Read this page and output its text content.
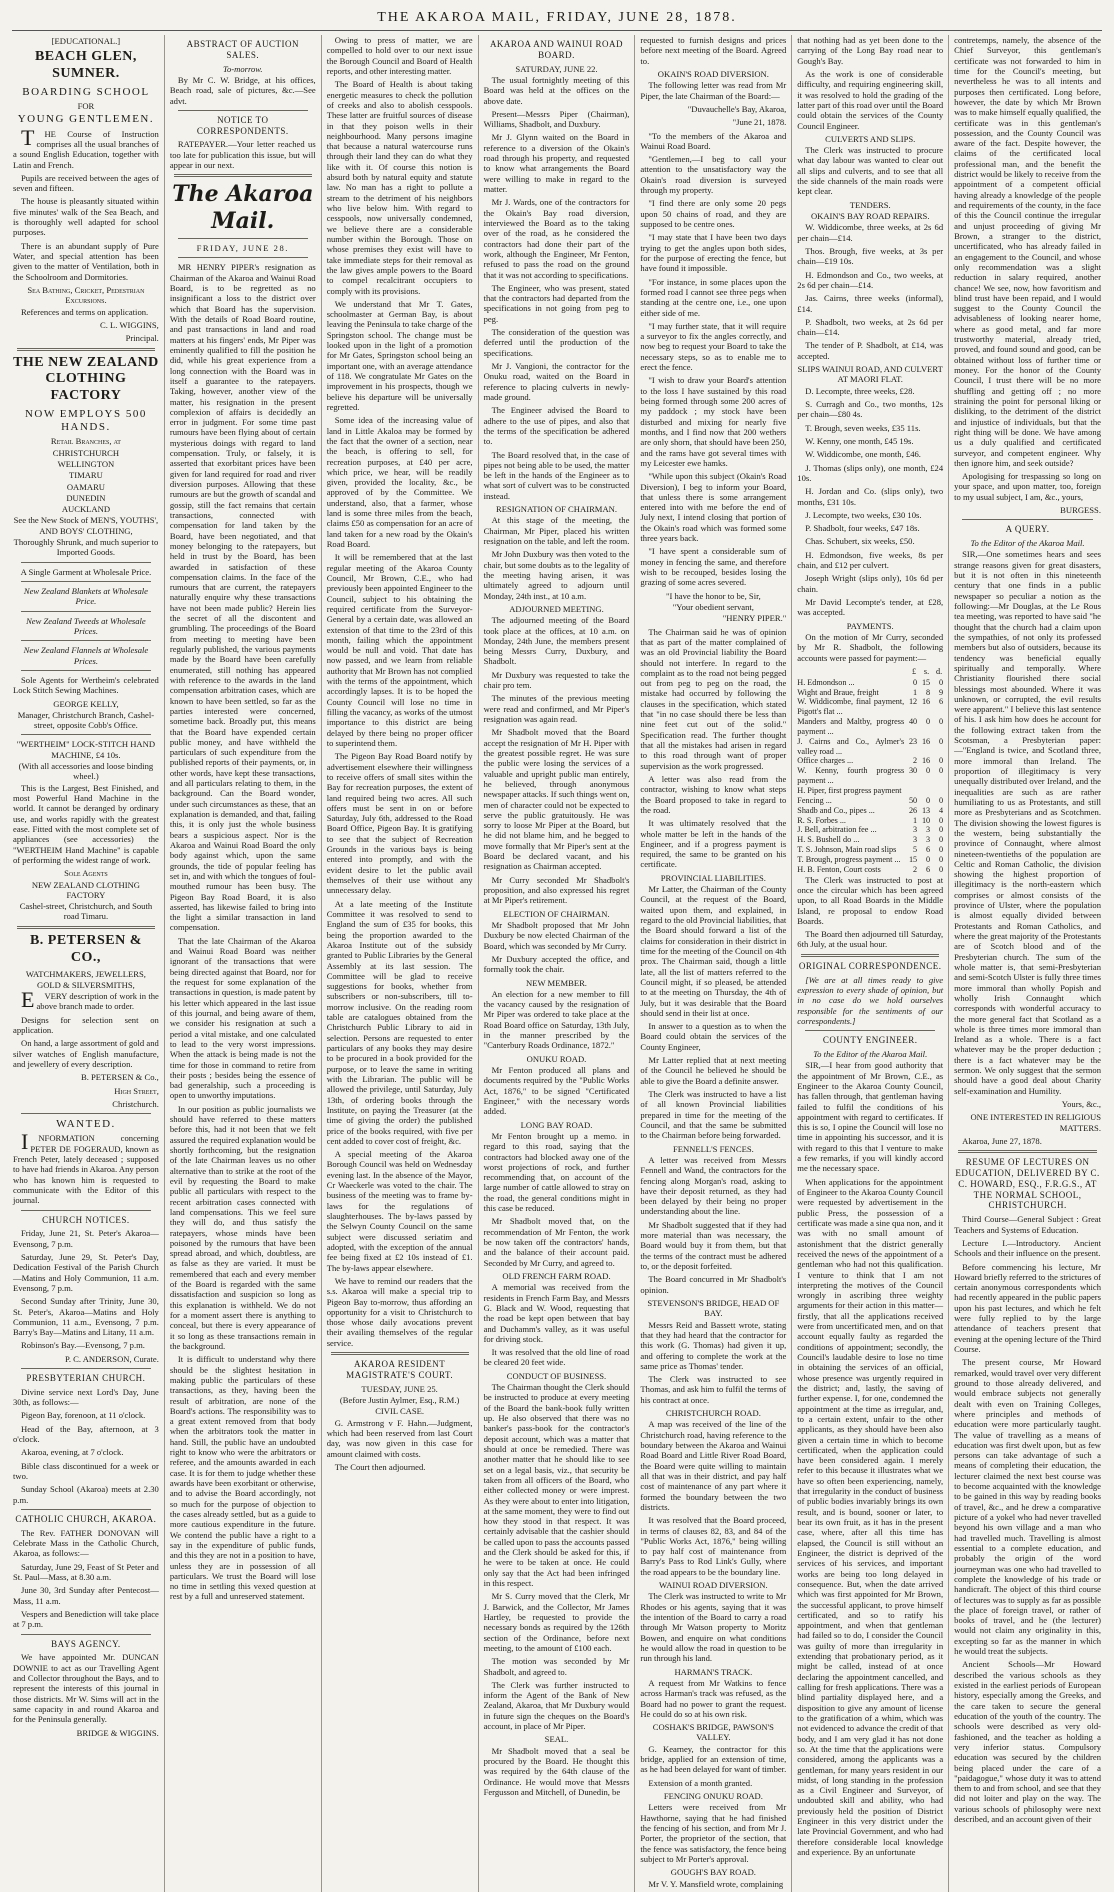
THE AKAROA MAIL, FRIDAY, JUNE 28, 1878.

[EDUCATIONAL.]

BEACH GLEN, SUMNER.

BOARDING SCHOOL

FOR

YOUNG GENTLEMEN.

THE Course of Instruction comprises all the usual branches of a sound English Education, together with Latin and French.

Pupils are received between the ages of seven and fifteen.

The house is pleasantly situated within five minutes' walk of the Sea Beach, and is thoroughly well adapted for school purposes.

There is an abundant supply of Pure Water, and special attention has been given to the matter of Ventilation, both in the Schoolroom and Dormitories.

Sea Bathing, Cricket, Pedestrian Excursions.

References and terms on application.

C. L. WIGGINS,

Principal.

THE NEW ZEALAND CLOTHING FACTORY

NOW EMPLOYS 500 HANDS.

Retail Branches, at

CHRISTCHURCH

WELLINGTON

TIMARU

OAMARU

DUNEDIN

AUCKLAND

See the New Stock of MEN'S, YOUTHS', AND BOYS' CLOTHING,

Thoroughly Shrunk, and much superior to Imported Goods.

A Single Garment at Wholesale Price.

New Zealand Blankets at Wholesale Price.

New Zealand Tweeds at Wholesale Prices.

New Zealand Flannels at Wholesale Prices.

Sole Agents for Wertheim's celebrated Lock Stitch Sewing Machines.

GEORGE KELLY,

Manager, Christchurch Branch, Cashel-street, opposite Cobb's Office.

"WERTHEIM" LOCK-STITCH HAND MACHINE, £4 10s.

(With all accessories and loose binding wheel.)

This is the Largest, Best Finished, and most Powerful Hand Machine in the world. It cannot be deranged by ordinary use, and works rapidly with the greatest ease. Fitted with the most complete set of appliances (see accessories) the "WERTHEIM Hand Machine" is capable of performing the widest range of work.

Sole Agents

NEW ZEALAND CLOTHING FACTORY

Cashel-street, Christchurch, and South road Timaru.

B. PETERSEN & CO.,

WATCHMAKERS, JEWELLERS, GOLD & SILVERSMITHS,

EVERY description of work in the above branch made to order.

Designs for selection sent on application.

On hand, a large assortment of gold and silver watches of English manufacture, and jewellery of every description.

B. PETERSEN & Co.,

High Street,

Christchurch.

WANTED.

INFORMATION concerning PETER DE FOGERAUD, known as French Peter, lately deceased ; supposed to have had friends in Akaroa. Any person who has known him is requested to communicate with the Editor of this journal.

CHURCH NOTICES.

Friday, June 21, St. Peter's Akaroa—Evensong, 7 p.m.

Saturday, June 29, St. Peter's Day, Dedication Festival of the Parish Church—Matins and Holy Communion, 11 a.m. Evensong, 7 p.m.

Second Sunday after Trinity, June 30, St. Peter's, Akaroa—Matins and Holy Communion, 11 a.m., Evensong, 7 p.m. Barry's Bay—Matins and Litany, 11 a.m.

Robinson's Bay.—Evensong, 7 p.m.

P. C. ANDERSON, Curate.

PRESBYTERIAN CHURCH.

Divine service next Lord's Day, June 30th, as follows:—

Pigeon Bay, forenoon, at 11 o'clock.

Head of the Bay, afternoon, at 3 o'clock.

Akaroa, evening, at 7 o'clock.

Bible class discontinued for a week or two.

Sunday School (Akaroa) meets at 2.30 p.m.

CATHOLIC CHURCH, AKAROA.

The Rev. FATHER DONOVAN will Celebrate Mass in the Catholic Church, Akaroa, as follows:—

Saturday, June 29, Feast of St Peter and St. Paul—Mass, at 8.30 a.m.

June 30, 3rd Sunday after Pentecost—Mass, 11 a.m.

Vespers and Benediction will take place at 7 p.m.

BAYS AGENCY.

We have appointed Mr. DUNCAN DOWNIE to act as our Travelling Agent and Collector throughout the Bays, and to represent the interests of this journal in those districts. Mr W. Sims will act in the same capacity in and round Akaroa and for the Peninsula generally.

BRIDGE & WIGGINS.

ABSTRACT OF AUCTION SALES.

To-morrow.

By Mr C. W. Bridge, at his offices, Beach road, sale of pictures, &c.—See advt.

NOTICE TO CORRESPONDENTS.

RATEPAYER.—Your letter reached us too late for publication this issue, but will appear in our next.

The Akaroa Mail.

FRIDAY, JUNE 28.

MR HENRY PIPER's resignation as Chairman of the Akaroa and Wainui Road Board, is to be regretted as no insignificant a loss to the district over which that Board has the supervision. With the details of Road Board routine, and past transactions in land and road matters at his fingers' ends, Mr Piper was eminently qualified to fill the position he did, while his great experience from a long connection with the Board was in itself a guarantee to the ratepayers. Taking, however, another view of the matter, his resignation in the present complexion of affairs is decidedly an error in judgment. For some time past rumours have been flying about of certain mysterious doings with regard to land compensation. Truly, or falsely, it is asserted that exorbitant prices have been given for land required for road and river diversion purposes. Allowing that these rumours are but the growth of scandal and gossip, still the fact remains that certain transactions, connected with compensation for land taken by the Board, have been negotiated, and that money belonging to the ratepayers, but held in trust by the Board, has been awarded in satisfaction of these compensation claims. In the face of the rumours that are current, the ratepayers naturally enquire why these transactions have not been made public? Herein lies the secret of all the discontent and grumbling. The proceedings of the Board from meeting to meeting have been regularly published, the various payments made by the Board have been carefully enumerated, still nothing has appeared with reference to the awards in the land compensation arbitration cases, which are known to have been settled, so far as the parties interested were concerned, sometime back. Broadly put, this means that the Board have expended certain public money, and have withheld the particulars of such expenditure from the published reports of their payments, or, in other words, have kept these transactions, and all particulars relating to them, in the background. Can the Board wonder, under such circumstances as these, that an explanation is demanded, and that, failing this, it is only just the whole business bears a suspicious aspect. Nor is the Akaroa and Wainui Road Board the only body against which, upon the same grounds, the tide of popular feeling has set in, and with which the tongues of foul-mouthed rumour has been busy. The Pigeon Bay Road Board, it is also asserted, has likewise failed to bring into the light a similar transaction in land compensation.

That the late Chairman of the Akaroa and Wainui Road Board was neither ignorant of the transactions that were being directed against that Board, nor for the request for some explanation of the transactions in question, is made patent by his letter which appeared in the last issue of this journal, and being aware of them, we consider his resignation at such a period a vital mistake, and one calculated to lead to the very worst impressions. When the attack is being made is not the time for those in command to retire from their posts ; besides being the essence of bad generalship, such a proceeding is open to unworthy imputations.

In our position as public journalists we should have referred to these matters before this, had it not been that we felt assured the required explanation would be shortly forthcoming, but the resignation of the late Chairman leaves us no other alternative than to strike at the root of the evil by requesting the Board to make public all particulars with respect to the recent arbitration cases connected with land compensations. This we feel sure they will do, and thus satisfy the ratepayers, whose minds have been poisoned by the rumours that have been spread abroad, and which, doubtless, are as false as they are varied. It must be remembered that each and every member of the Board is regarded with the same dissatisfaction and suspicion so long as this explanation is withheld. We do not for a moment assert there is anything to conceal, but there is every appearance of it so long as these transactions remain in the background.

It is difficult to understand why there should be the slightest hesitation in making public the particulars of these transactions, as they, having been the result of arbitration, are none of the Board's actions. The responsibility was to a great extent removed from that body when the arbitrators took the matter in hand. Still, the public have an undoubted right to know who were the arbitrators or referee, and the amounts awarded in each case. It is for them to judge whether these awards have been exorbitant or otherwise, and to advise the Board accordingly, not so much for the purpose of objection to the cases already settled, but as a guide to more cautious expenditure in the future. We contend the public have a right to a say in the expenditure of public funds, and this they are not in a position to have, unless they are in possession of all particulars. We trust the Board will lose no time in settling this vexed question at rest by a full and unreserved statement.

Owing to press of matter, we are compelled to hold over to our next issue the Borough Council and Board of Health reports, and other interesting matter.

The Board of Health is about taking energetic measures to check the pollution of creeks and also to abolish cesspools. These latter are fruitful sources of disease in that they poison wells in their neighbourhood. Many persons imagine that because a natural watercourse runs through their land they can do what they like with it. Of course this notion is absurd both by natural equity and statute law. No man has a right to pollute a stream to the detriment of his neighbors who live below him. With regard to cesspools, now universally condemned, we believe there are a considerable number within the Borough. Those on whose premises they exist will have to take immediate steps for their removal as the law gives ample powers to the Board to compel recalcitrant occupiers to comply with its provisions.

We understand that Mr T. Gates, schoolmaster at German Bay, is about leaving the Peninsula to take charge of the Springston school. The change must be looked upon in the light of a promotion for Mr Gates, Springston school being an important one, with an average attendance of 118. We congratulate Mr Gates on the improvement in his prospects, though we believe his departure will be universally regretted.

Some idea of the increasing value of land in Little Akaloa may be formed by the fact that the owner of a section, near the beach, is offering to sell, for recreation purposes, at £40 per acre, which price, we hear, will be readily given, provided the locality, &c., be approved of by the Committee. We understand, also, that a farmer, whose land is some three miles from the beach, claims £50 as compensation for an acre of land taken for a new road by the Okain's Road Board.

It will be remembered that at the last regular meeting of the Akaroa County Council, Mr Brown, C.E., who had previously been appointed Engineer to the Council, subject to his obtaining the required certificate from the Surveyor-General by a certain date, was allowed an extension of that time to the 23rd of this month, failing which the appointment would be null and void. That date has now passed, and we learn from reliable authority that Mr Brown has not complied with the terms of the appointment, which accordingly lapses. It is to be hoped the County Council will lose no time in filling the vacancy, as works of the utmost importance to this district are being delayed by there being no proper officer to superintend them.

The Pigeon Bay Road Board notify by advertisement elsewhere their willingness to receive offers of small sites within the Bay for recreation purposes, the extent of land required being two acres. All such offers must be sent in on or before Saturday, July 6th, addressed to the Road Board Office, Pigeon Bay. It is gratifying to see that the subject of Recreation Grounds in the various bays is being entered into promptly, and with the evident desire to let the public avail themselves of their use without any unnecessary delay.

At a late meeting of the Institute Committee it was resolved to send to England the sum of £35 for books, this being the proportion awarded to the Akaroa Institute out of the subsidy granted to Public Libraries by the General Assembly at its last session. The Committee will be glad to receive suggestions for books, whether from subscribers or non-subscribers, till to-morrow inclusive. On the reading room table are catalogues obtained from the Christchurch Public Library to aid in selection. Persons are requested to enter particulars of any books they may desire to be procured in a book provided for the purpose, or to leave the same in writing with the Librarian. The public will be allowed the privilege, until Saturday, July 13th, of ordering books through the Institute, on paying the Treasurer (at the time of giving the order) the published price of the books required, with five per cent added to cover cost of freight, &c.

A special meeting of the Akaroa Borough Council was held on Wednesday evening last. In the absence of the Mayor, Cr Waeckerle was voted to the chair. The business of the meeting was to frame by-laws for the regulations of slaughterhouses. The by-laws passed by the Selwyn County Council on the same subject were discussed seriatim and adopted, with the exception of the annual fee being fixed at £2 10s instead of £1. The by-laws appear elsewhere.

We have to remind our readers that the s.s. Akaroa will make a special trip to Pigeon Bay to-morrow, thus affording an opportunity for a visit to Christchurch to those whose daily avocations prevent their availing themselves of the regular service.

AKAROA RESIDENT MAGISTRATE'S COURT.

TUESDAY, JUNE 25.

(Before Justin Aylmer, Esq., R.M.)

CIVIL CASE.

G. Armstrong v F. Hahn.—Judgment, which had been reserved from last Court day, was now given in this case for amount claimed with costs.

The Court then adjourned.

AKAROA AND WAINUI ROAD BOARD.

SATURDAY, JUNE 22.

The usual fortnightly meeting of this Board was held at the offices on the above date.

Present—Messrs Piper (Chairman), Williams, Shadbolt, and Duxbury.

Mr J. Glynn waited on the Board in reference to a diversion of the Okain's road through his property, and requested to know what arrangements the Board were willing to make in regard to the matter.

Mr J. Wards, one of the contractors for the Okain's Bay road diversion, interviewed the Board as to the taking over of the road, as he considered the contractors had done their part of the work, although the Engineer, Mr Fenton, refused to pass the road on the ground that it was not according to specifications.

The Engineer, who was present, stated that the contractors had departed from the specifications in not going from peg to peg.

The consideration of the question was deferred until the production of the specifications.

Mr J. Vangioni, the contractor for the Onuku road, waited on the Board in reference to placing culverts in newly-made ground.

The Engineer advised the Board to adhere to the use of pipes, and also that the terms of the specification be adhered to.

The Board resolved that, in the case of pipes not being able to be used, the matter be left in the hands of the Engineer as to what sort of culvert was to be constructed instead.

RESIGNATION OF CHAIRMAN.

At this stage of the meeting, the Chairman, Mr Piper, placed his written resignation on the table, and left the room.

Mr John Duxbury was then voted to the chair, but some doubts as to the legality of the meeting having arisen, it was ultimately agreed to adjourn until Monday, 24th inst., at 10 a.m.

ADJOURNED MEETING.

The adjourned meeting of the Board took place at the offices, at 10 a.m. on Monday, 24th June, the members present being Messrs Curry, Duxbury, and Shadbolt.

Mr Duxbury was requested to take the chair pro tem.

The minutes of the previous meeting were read and confirmed, and Mr Piper's resignation was again read.

Mr Shadbolt moved that the Board accept the resignation of Mr H. Piper with the greatest possible regret. He was sure the public were losing the services of a valuable and upright public man entirely, he believed, through anonymous newspaper attacks. If such things went on, men of character could not be expected to serve the public gratuitously. He was sorry to loose Mr Piper at the Board, but he did not blame him, and he begged to move formally that Mr Piper's sent at the Board be declared vacant, and his resignation as Chairman accepted.

Mr Curry seconded Mr Shadbolt's proposition, and also expressed his regret at Mr Piper's retirement.

ELECTION OF CHAIRMAN.

Mr Shadbolt proposed that Mr John Duxbury be now elected Chairman of the Board, which was seconded by Mr Curry.

Mr Duxbury accepted the office, and formally took the chair.

NEW MEMBER.

An election for a new member to fill the vacancy caused by the resignation of Mr Piper was ordered to take place at the Road Board office on Saturday, 13th July, in the manner prescribed by the "Canterbury Roads Ordinance, 1872."

ONUKU ROAD.

Mr Fenton produced all plans and documents required by the "Public Works Act, 1876," to be signed "Certificated Engineer," with the necessary words added.

LONG BAY ROAD.

Mr Fenton brought up a memo. in regard to this road, saying that the contractors had blocked away one of the worst projections of rock, and further recommending that, on account of the large number of cattle allowed to stray on the road, the general conditions might in this case be reduced.

Mr Shadbolt moved that, on the recommendation of Mr Fenton, the work be now taken off the contractors' hands, and the balance of their account paid. Seconded by Mr Curry, and agreed to.

OLD FRENCH FARM ROAD.

A memorial was received from the residents in French Farm Bay, and Messrs G. Black and W. Wood, requesting that the road be kept open between that bay and Duchamm's valley, as it was useful for driving stock.

It was resolved that the old line of road be cleared 20 feet wide.

CONDUCT OF BUSINESS.

The Chairman thought the Clerk should be instructed to produce at every meeting of the Board the bank-book fully written up. He also observed that there was no banker's pass-book for the contractor's deposit account, which was a matter that should at once be remedied. There was another matter that he should like to see set on a legal basis, viz., that security be taken from all officers of the Board, who either collected money or were imprest. As they were about to enter into litigation, at the same moment, they were to find out how they stood in that respect. It was certainly advisable that the cashier should be called upon to pass the accounts passed and the Clerk should be asked for this, if he were to be taken at once. He could only say that the Act had been infringed in this respect.

Mr S. Curry moved that the Clerk, Mr J. Barwick, and the Collector, Mr James Hartley, be requested to provide the necessary bonds as required by the 126th section of the Ordinance, before next meeting, to the amount of £100 each.

The motion was seconded by Mr Shadbolt, and agreed to.

The Clerk was further instructed to inform the Agent of the Bank of New Zealand, Akaroa, that Mr Duxbury would in future sign the cheques on the Board's account, in place of Mr Piper.

SEAL.

Mr Shadbolt moved that a seal be procured by the Board. He thought this was required by the 64th clause of the Ordinance. He would move that Messrs Fergusson and Mitchell, of Dunedin, be

requested to furnish designs and prices before next meeting of the Board. Agreed to.

OKAIN'S ROAD DIVERSION.

The following letter was read from Mr Piper, the late Chairman of the Board:—

"Duvauchelle's Bay, Akaroa,

"June 21, 1878.

"To the members of the Akaroa and Wainui Road Board.

"Gentlemen,—I beg to call your attention to the unsatisfactory way the Okain's road diversion is surveyed through my property.

"I find there are only some 20 pegs upon 50 chains of road, and they are supposed to be centre ones.

"I may state that I have been two days trying to get the angles upon both sides, for the purpose of erecting the fence, but have found it impossible.

"For instance, in some places upon the formed road I cannot see three pegs when standing at the centre one, i.e., one upon either side of me.

"I may further state, that it will require a surveyor to fix the angles correctly, and now beg to request your Board to take the necessary steps, so as to enable me to erect the fence.

"I wish to draw your Board's attention to the loss I have sustained by this road being formed through some 200 acres of my paddock ; my stock have been disturbed and mixing for nearly five months, and I find now that 200 wethers are only shorn, that should have been 250, and the rams have got several times with my Leicester ewe hamks.

"While upon this subject (Okain's Road Diversion), I beg to inform your Board, that unless there is some arrangement entered into with me before the end of July next, I intend closing that portion of the Okain's road which was formed some three years back.

"I have spent a considerable sum of money in fencing the same, and therefore wish to be recouped, besides losing the grazing of some acres severed.

"I have the honor to be, Sir,

"Your obedient servant,

"HENRY PIPER."

The Chairman said he was of opinion that as part of the matter complained of was an old Provincial liability the Board should not interfere. In regard to the complaint as to the road not being pegged out from peg to peg on the road, the mistake had occurred by following the clauses in the specification, which stated that "in no case should there be less than nine feet cut out of the solid." Specification read. The further thought that all the mistakes had arisen in regard to this road through want of proper supervision as the work progressed.

A letter was also read from the contractor, wishing to know what steps the Board proposed to take in regard to the road.

It was ultimately resolved that the whole matter be left in the hands of the Engineer, and if a progress payment is required, the same to be granted on his certificate.

PROVINCIAL LIABILITIES.

Mr Latter, the Chairman of the County Council, at the request of the Board, waited upon them, and explained, in regard to the old Provincial liabilities, that the Board should forward a list of the claims for consideration in their district in time for the meeting of the Council on 4th prox. The Chairman said, though a little late, all the list of matters referred to the Council might, if so pleased, be attended to at the meeting on Thursday, the 4th of July, but it was desirable that the Board should send in their list at once.

In answer to a question as to when the Board could obtain the services of the County Engineer,

Mr Latter replied that at next meeting of the Council he believed he should be able to give the Board a definite answer.

The Clerk was instructed to have a list of all known Provincial liabilities prepared in time for the meeting of the Council, and that the same be submitted to the Chairman before being forwarded.

FENNELL'S FENCES.

A letter was received from Messrs Fennell and Wand, the contractors for the fencing along Morgan's road, asking to have their deposit returned, as they had been delayed by their being no proper understanding about the line.

Mr Shadbolt suggested that if they had more material than was necessary, the Board would buy it from them, but that the terms of the contract must be adhered to, or the deposit forfeited.

The Board concurred in Mr Shadbolt's opinion.

STEVENSON'S BRIDGE, HEAD OF BAY.

Messrs Reid and Bassett wrote, stating that they had heard that the contractor for this work (G. Thomas) had given it up, and offering to complete the work at the same price as Thomas' tender.

The Clerk was instructed to see Thomas, and ask him to fulfil the terms of his contract at once.

CHRISTCHURCH ROAD.

A map was received of the line of the Christchurch road, having reference to the boundary between the Akaroa and Wainui Road Board and Little River Road Board, the Board were quite willing to maintain all that was in their district, and pay half cost of maintenance of any part where it formed the boundary between the two districts.

It was resolved that the Board proceed, in terms of clauses 82, 83, and 84 of the "Public Works Act, 1876," being willing to pay half cost of maintenance from Barry's Pass to Rod Link's Gully, where the road appears to be the boundary line.

WAINUI ROAD DIVERSION.

The Clerk was instructed to write to Mr Rhodes or his agents, saying that it was the intention of the Board to carry a road through Mr Watson property to Moritz Bowen, and enquire on what conditions he would allow the road in question to be run through his land.

HARMAN'S TRACK.

A request from Mr Watkins to fence across Harman's track was refused, as the Board had no power to grant the request. He could do so at his own risk.

COSHAK'S BRIDGE, PAWSON'S VALLEY.

G. Kearney, the contractor for this bridge, applied for an extension of time, as he had been delayed for want of timber.

Extension of a month granted.

FENCING ONUKU ROAD.

Letters were received from Mr Hawthorne, saying that he had finished the fencing of his section, and from Mr J. Porter, the proprietor of the section, that the fence was satisfactory, the fence being subject to Mr Porter's approval.

GOUGH'S BAY ROAD.

Mr V. Y. Mansfield wrote, complaining

that nothing had as yet been done to the carrying of the Long Bay road near to Gough's Bay.

As the work is one of considerable difficulty, and requiring engineering skill, it was resolved to hold the grading of the latter part of this road over until the Board could obtain the services of the County Council Engineer.

CULVERTS AND SLIPS.

The Clerk was instructed to procure what day labour was wanted to clear out all slips and culverts, and to see that all the side channels of the main roads were kept clear.

TENDERS.

OKAIN'S BAY ROAD REPAIRS.

W. Widdicombe, three weeks, at 2s 6d per chain—£14.

Thos. Brough, five weeks, at 3s per chain—£19 10s.

H. Edmondson and Co., two weeks, at 2s 6d per chain—£14.

Jas. Cairns, three weeks (informal), £14.

P. Shadbolt, two weeks, at 2s 6d per chain—£14.

The tender of P. Shadbolt, at £14, was accepted.

SLIPS WAINUI ROAD, AND CULVERT AT MAORI FLAT.

D. Lecompte, three weeks, £28.

S. Curragh and Co., two months, 12s per chain—£80 4s.

T. Brough, seven weeks, £35 11s.

W. Kenny, one month, £45 19s.

W. Widdicombe, one month, £46.

J. Thomas (slips only), one month, £24 10s.

H. Jordan and Co. (slips only), two months, £31 10s.

J. Lecompte, two weeks, £30 10s.

P. Shadbolt, four weeks, £47 18s.

Chas. Schubert, six weeks, £50.

H. Edmondson, five weeks, 8s per chain, and £12 per culvert.

Joseph Wright (slips only), 10s 6d per chain.

Mr David Lecompte's tender, at £28, was accepted.

PAYMENTS.

On the motion of Mr Curry, seconded by Mr R. Shadbolt, the following accounts were passed for payment:—

	£	s.	d.
H. Edmondson ...	0	15	0
Wight and Braue, freight	1	8	9
W. Widdicombe, final payment, Pigott's flat ...	12	16	6
Manders and Maltby, progress payment ...	40	0	0
J. Cairns and Co., Aylmer's valley road ...	23	16	0
Office charges ...	2	16	0
W. Kenny, fourth progress payment ...	30	0	0
H. Piper, first progress payment			
Fencing ...	50	0	0
Shadb and Co., pipes ...	26	13	4
R. S. Forbes ...	1	10	0
J. Bell, arbitration fee ...	3	3	0
H. S. Bushell do ...	3	3	0
T. S. Johnson, Main road slips	5	6	0
T. Brough, progress payment ...	15	0	0
H. B. Fenton, Court costs	2	6	0

The Clerk was instructed to post at once the circular which has been agreed upon, to all Road Boards in the Middle Island, re proposal to endow Road Boards.

The Board then adjourned till Saturday, 6th July, at the usual hour.

ORIGINAL CORRESPONDENCE.

[We are at all times ready to give expression to every shade of opinion, but in no case do we hold ourselves responsible for the sentiments of our correspondents.]

COUNTY ENGINEER.

To the Editor of the Akaroa Mail.

SIR,—I hear from good authority that the appointment of Mr Brown, C.E., as Engineer to the Akaroa County Council, has fallen through, that gentleman having failed to fulfil the conditions of his appointment with regard to certificates. If this is so, I opine the Council will lose no time in appointing his successor, and it is with regard to this that I venture to make a few remarks, if you will kindly accord me the necessary space.

When applications for the appointment of Engineer to the Akaroa County Council were requested by advertisement in the public Press, the possession of a certificate was made a sine qua non, and it was with no small amount of astonishment that the district generally received the news of the appointment of a gentleman who had not this qualification. I venture to think that I am not interpreting the motives of the Council wrongly in ascribing three weighty arguments for their action in this matter—firstly, that all the applications received were from uncertificated men, and on that account equally faulty as regarded the conditions of appointment; secondly, the Council's laudable desire to lose no time in obtaining the services of an official, whose presence was urgently required in the district; and, lastly, the saving of further expense. I, for one, condemned the appointment at the time as irregular, and, to a certain extent, unfair to the other applicants, as they should have been also given a certain time in which to become certificated, when the application could have been considered again. I merely refer to this because it illustrates what we have so often been experiencing, namely, that irregularity in the conduct of business of public bodies invariably brings its own result, and is bound, sooner or later, to bear its own fruit, as it has in the present case, where, after all this time has elapsed, the Council is still without an Engineer, the district is deprived of the services of his services, and important works are being too long delayed in consequence. But, when the date arrived which was first appointed for Mr Brown, the successful applicant, to prove himself certificated, and so to ratify his appointment, and when that gentleman had failed so to do, I consider the Council was guilty of more than irregularity in extending that probationary period, as it might be called, instead of at once declaring the appointment cancelled, and calling for fresh applications. There was a blind partiality displayed here, and a disposition to give any amount of license to the gratification of a whim, which was not evidenced to advance the credit of that body, and I am very glad it has not done so. At the time that the applications were considered, among the applicants was a gentleman, for many years resident in our midst, of long standing in the profession as a Civil Engineer and Surveyor, of undoubted skill and ability, who had previously held the position of District Engineer in this very district under the late Provincial Government, and who had therefore considerable local knowledge and experience. By an unfortunate

contretemps, namely, the absence of the Chief Surveyor, this gentleman's certificate was not forwarded to him in time for the Council's meeting, but nevertheless he was to all intents and purposes then certificated. Long before, however, the date by which Mr Brown was to make himself equally qualified, the certificate was in this gentleman's possession, and the County Council was aware of the fact. Despite however, the claims of the certificated local professional man, and the benefit the district would be likely to receive from the appointment of a competent official having already a knowledge of the people and requirements of the county, in the face of this the Council continue the irregular and unjust proceeding of giving Mr Brown, a stranger to the district, uncertificated, who has already failed in an engagement to the Council, and whose only recommendation was a slight reduction in salary required, another chance! We see, now, how favoritism and blind trust have been repaid, and I would suggest to the County Council the advisableness of looking nearer home, where as good metal, and far more trustworthy material, already tried, proved, and found sound and good, can be obtained without loss of further time or money. For the honor of the County Council, I trust there will be no more shuffling and getting off ; no more straining the point for personal liking or disliking, to the detriment of the district and injustice of individuals, but that the right thing will be done. We have among us a duly qualified and certificated surveyor, and competent engineer. Why then ignore him, and seek outside?

Apologising for trespassing so long on your space, and upon matter, too, foreign to my usual subject, I am, &c., yours,

BURGESS.

A QUERY.

To the Editor of the Akaroa Mail.

SIR,—One sometimes hears and sees strange reasons given for great disasters, but it is not often in this nineteenth century that one finds in a public newspaper so peculiar a notion as the following:—Mr Douglas, at the Le Rous tea meeting, was reported to have said "he thought that the church had a claim upon the sympathies, of not only its professed members but also of outsiders, because its tendency was beneficial equally spiritually and temporally. Where Christianity flourished there social blessings most abounded. Where it was unknown, or corrupted, the evil results were apparent." I believe this last sentence of his. I ask him how does he account for the following extract taken from the Scotsman, a Presbyterian paper:—"England is twice, and Scotland three, more immoral than Ireland. The proportion of illegitimacy is very unequally distributed over Ireland, and the inequalities are such as are rather humiliating to us as Protestants, and still more as Presbyterians and as Scotchmen. The division showing the lowest figures is the western, being substantially the province of Connaught, where almost nineteen-twentieths of the population are Celtic and Roman Catholic, the division showing the highest proportion of illegitimacy is the north-eastern which comprises or almost consists of the province of Ulster, where the population is almost equally divided between Protestants and Roman Catholics, and where the great majority of the Protestants are of Scotch blood and of the Presbyterian church. The sum of the whole matter is, that semi-Presbyterian and semi-Scotch Ulster is fully three times more immoral than wholly Popish and wholly Irish Connaught which corresponds with wonderful accuracy to the more general fact that Scotland as a whole is three times more immoral than Ireland as a whole. There is a fact whatever may be the proper deduction ; there is a fact whatever may be the sermon. We only suggest that the sermon should have a good deal about Charity self-examination and Humility.

Yours, &c.,

ONE INTERESTED IN RELIGIOUS MATTERS.

Akaroa, June 27, 1878.

RESUME OF LECTURES ON EDUCATION, DELIVERED BY C. C. HOWARD, ESQ., F.R.G.S., AT THE NORMAL SCHOOL, CHRISTCHURCH.

Third Course—General Subject : Great Teachers and Systems of Education.

Lecture I.—Introductory. Ancient Schools and their influence on the present.

Before commencing his lecture, Mr Howard briefly referred to the strictures of certain anonymous correspondents which had recently appeared in the public papers upon his past lectures, and which he felt were fully replied to by the large attendance of teachers present that evening at the opening lecture of the Third Course.

The present course, Mr Howard remarked, would travel over very different ground to those already delivered, and would embrace subjects not generally dealt with even on Training Colleges, where principles and methods of education were more particularly taught. The value of travelling as a means of education was first dwelt upon, but as few persons can take advantage of such a means of completing their education, the lecturer claimed the next best course was to become acquainted with the knowledge to be gained in this way by reading books of travel, &c., and he drew a comparative picture of a yokel who had never travelled beyond his own village and a man who had travelled much. Travelling is almost essential to a complete education, and probably the origin of the word journeyman was one who had travelled to complete the knowledge of his trade or handicraft. The object of this third course of lectures was to supply as far as possible the place of foreign travel, or rather of books of travel, and he (the lecturer) would not claim any originality in this, excepting so far as the manner in which he would treat the subjects.

Ancient Schools—Mr Howard described the various schools as they existed in the earliest periods of European history, especially among the Greeks, and the care taken to secure the general education of the youth of the country. The schools were described as very old-fashioned, and the teacher as holding a very inferior status. Compulsory education was secured by the children being placed under the care of a "paidagogue," whose duty it was to attend them to and from school, and see that they did not loiter and play on the way. The various schools of philosophy were next described, and an account given of their
